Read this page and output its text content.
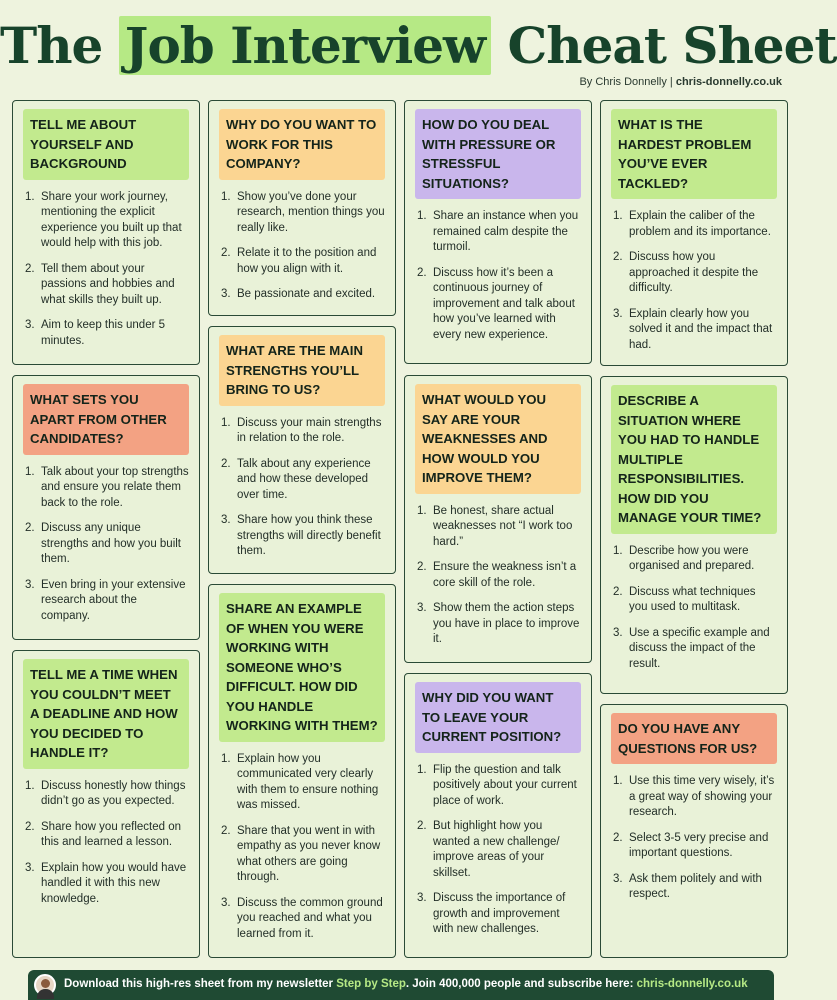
The Job Interview Cheat Sheet
By Chris Donnelly | chris-donnelly.co.uk
TELL ME ABOUT YOURSELF AND BACKGROUND
1. Share your work journey, mentioning the explicit experience you built up that would help with this job.
2. Tell them about your passions and hobbies and what skills they built up.
3. Aim to keep this under 5 minutes.
WHAT SETS YOU APART FROM OTHER CANDIDATES?
1. Talk about your top strengths and ensure you relate them back to the role.
2. Discuss any unique strengths and how you built them.
3. Even bring in your extensive research about the company.
TELL ME A TIME WHEN YOU COULDN’T MEET A DEADLINE AND HOW YOU DECIDED TO HANDLE IT?
1. Discuss honestly how things didn’t go as you expected.
2. Share how you reflected on this and learned a lesson.
3. Explain how you would have handled it with this new knowledge.
WHY DO YOU WANT TO WORK FOR THIS COMPANY?
1. Show you’ve done your research, mention things you really like.
2. Relate it to the position and how you align with it.
3. Be passionate and excited.
WHAT ARE THE MAIN STRENGTHS YOU’LL BRING TO US?
1. Discuss your main strengths in relation to the role.
2. Talk about any experience and how these developed over time.
3. Share how you think these strengths will directly benefit them.
SHARE AN EXAMPLE OF WHEN YOU WERE WORKING WITH SOMEONE WHO’S DIFFICULT. HOW DID YOU HANDLE WORKING WITH THEM?
1. Explain how you communicated very clearly with them to ensure nothing was missed.
2. Share that you went in with empathy as you never know what others are going through.
3. Discuss the common ground you reached and what you learned from it.
HOW DO YOU DEAL WITH PRESSURE OR STRESSFUL SITUATIONS?
1. Share an instance when you remained calm despite the turmoil.
2. Discuss how it’s been a continuous journey of improvement and talk about how you’ve learned with every new experience.
WHAT WOULD YOU SAY ARE YOUR WEAKNESSES AND HOW WOULD YOU IMPROVE THEM?
1. Be honest, share actual weaknesses not “I work too hard.”
2. Ensure the weakness isn’t a core skill of the role.
3. Show them the action steps you have in place to improve it.
WHY DID YOU WANT TO LEAVE YOUR CURRENT POSITION?
1. Flip the question and talk positively about your current place of work.
2. But highlight how you wanted a new challenge/ improve areas of your skillset.
3. Discuss the importance of growth and improvement with new challenges.
WHAT IS THE HARDEST PROBLEM YOU’VE EVER TACKLED?
1. Explain the caliber of the problem and its importance.
2. Discuss how you approached it despite the difficulty.
3. Explain clearly how you solved it and the impact that had.
DESCRIBE A SITUATION WHERE YOU HAD TO HANDLE MULTIPLE RESPONSIBILITIES. HOW DID YOU MANAGE YOUR TIME?
1. Describe how you were organised and prepared.
2. Discuss what techniques you used to multitask.
3. Use a specific example and discuss the impact of the result.
DO YOU HAVE ANY QUESTIONS FOR US?
1. Use this time very wisely, it’s a great way of showing your research.
2. Select 3-5 very precise and important questions.
3. Ask them politely and with respect.
Download this high-res sheet from my newsletter Step by Step. Join 400,000 people and subscribe here: chris-donnelly.co.uk
